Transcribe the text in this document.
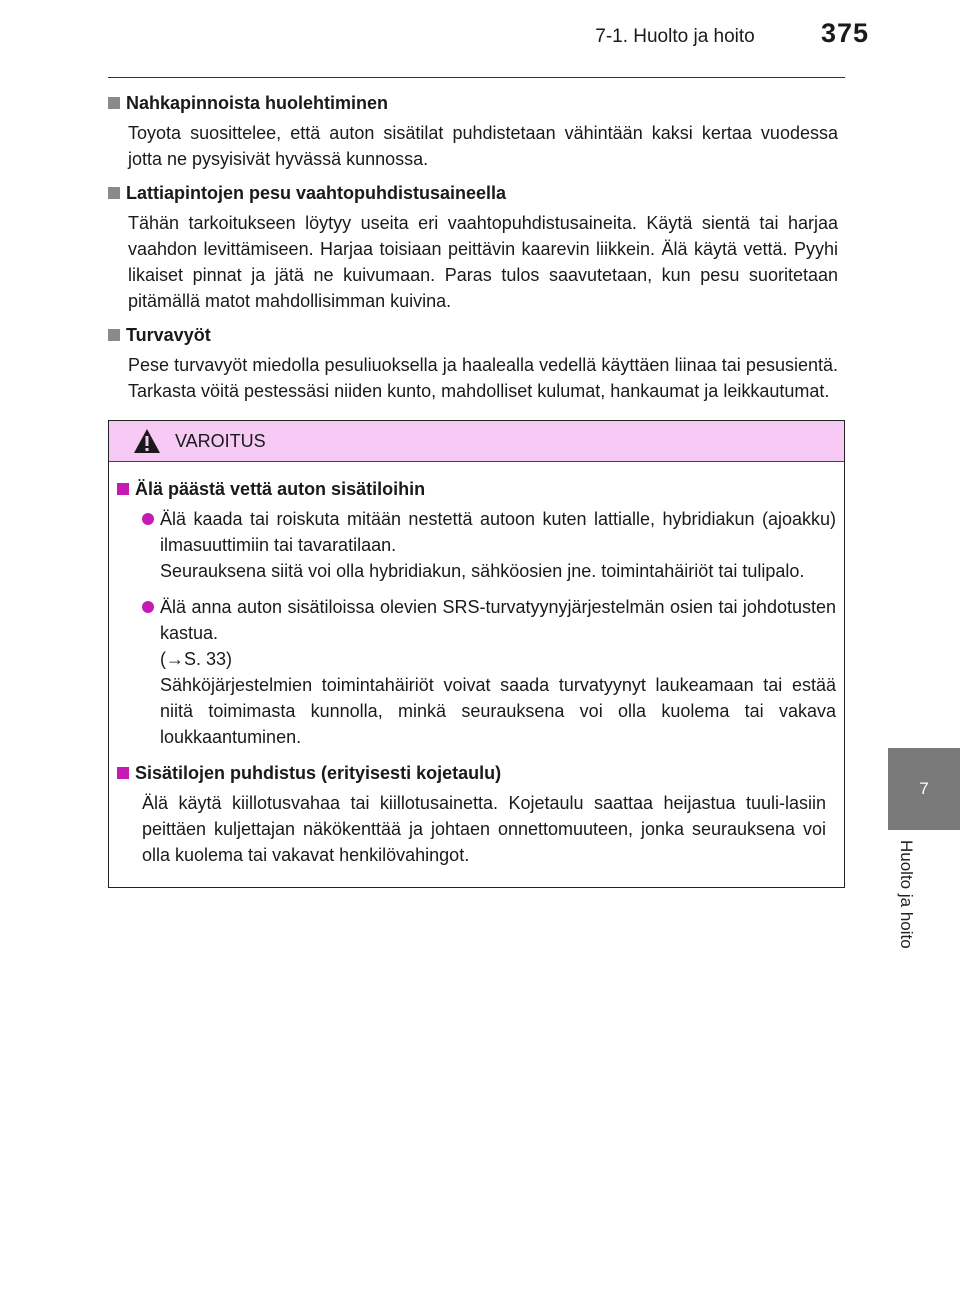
7-1. Huolto ja hoito	375
7
Huolto ja hoito
Nahkapinnoista huolehtiminen
Toyota suosittelee, että auton sisätilat puhdistetaan vähintään kaksi kertaa vuodessa jotta ne pysyisivät hyvässä kunnossa.
Lattiapintojen pesu vaahtopuhdistusaineella
Tähän tarkoitukseen löytyy useita eri vaahtopuhdistusaineita. Käytä sientä tai harjaa vaahdon levittämiseen. Harjaa toisiaan peittävin kaarevin liikkein. Älä käytä vettä. Pyyhi likaiset pinnat ja jätä ne kuivumaan. Paras tulos saavutetaan, kun pesu suoritetaan pitämällä matot mahdollisimman kuivina.
Turvavyöt
Pese turvavyöt miedolla pesuliuoksella ja haalealla vedellä käyttäen liinaa tai pesusientä. Tarkasta vöitä pestessäsi niiden kunto, mahdolliset kulumat, hankaumat ja leikkautumat.
VAROITUS
Älä päästä vettä auton sisätiloihin

Älä kaada tai roiskuta mitään nestettä autoon kuten lattialle, hybridiakun (ajoakku) ilmasuuttimiin tai tavaratilaan.

Seurauksena siitä voi olla hybridiakun, sähköosien jne. toimintahäiriöt tai tulipalo.

Älä anna auton sisätiloissa olevien SRS-turvatyynyjärjestelmän osien tai johdotusten kastua.

(→S. 33)

Sähköjärjestelmien toimintahäiriöt voivat saada turvatyynyt laukeamaan tai estää niitä toimimasta kunnolla, minkä seurauksena voi olla kuolema tai vakava loukkaantuminen.

Sisätilojen puhdistus (erityisesti kojetaulu)
Älä käytä kiillotusvahaa tai kiillotusainetta. Kojetaulu saattaa heijastua tuuli-lasiin peittäen kuljettajan näkökenttää ja johtaen onnettomuuteen, jonka seurauksena voi olla kuolema tai vakavat henkilövahingot.
